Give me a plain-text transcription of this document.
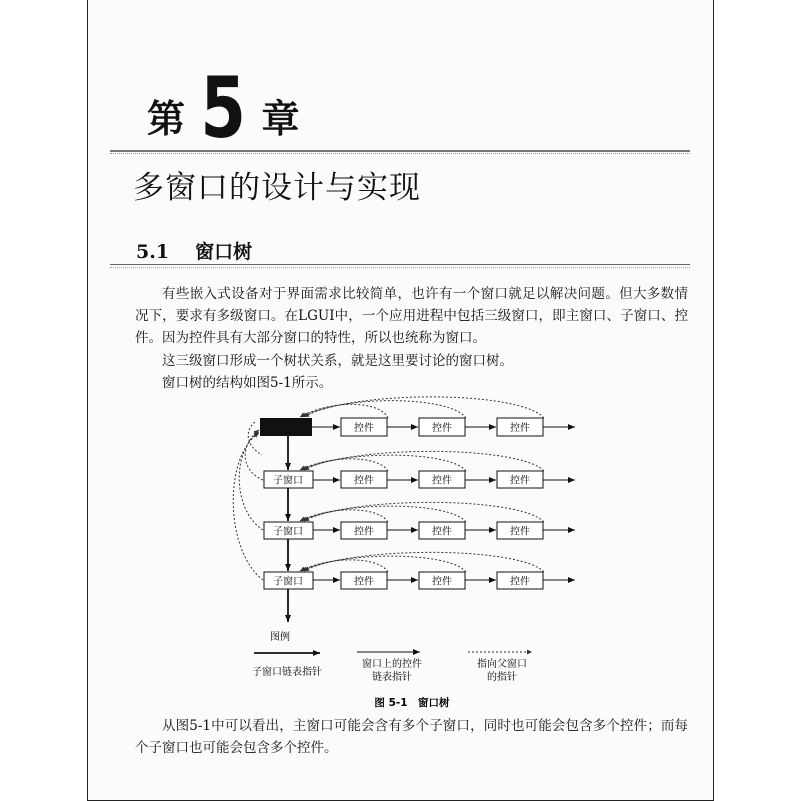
第 5 章
多窗口的设计与实现
5.1 窗口树
有些嵌入式设备对于界面需求比较简单，也许有一个窗口就足以解决问题。但大多数情况下，要求有多级窗口。在LGUI中，一个应用进程中包括三级窗口，即主窗口、子窗口、控件。因为控件具有大部分窗口的特性，所以也统称为窗口。
这三级窗口形成一个树状关系，就是这里要讨论的窗口树。
窗口树的结构如图5-1所示。
控件	控件	控件
子窗口	控件	控件	控件
子窗口	控件	控件	控件
子窗口	控件	控件	控件
图例
子窗口链表指针
窗口上的控件
链表指针
指向父窗口
的指针
图 5-1　窗口树
从图5-1中可以看出，主窗口可能会含有多个子窗口，同时也可能会包含多个控件；而每个子窗口也可能会包含多个控件。
